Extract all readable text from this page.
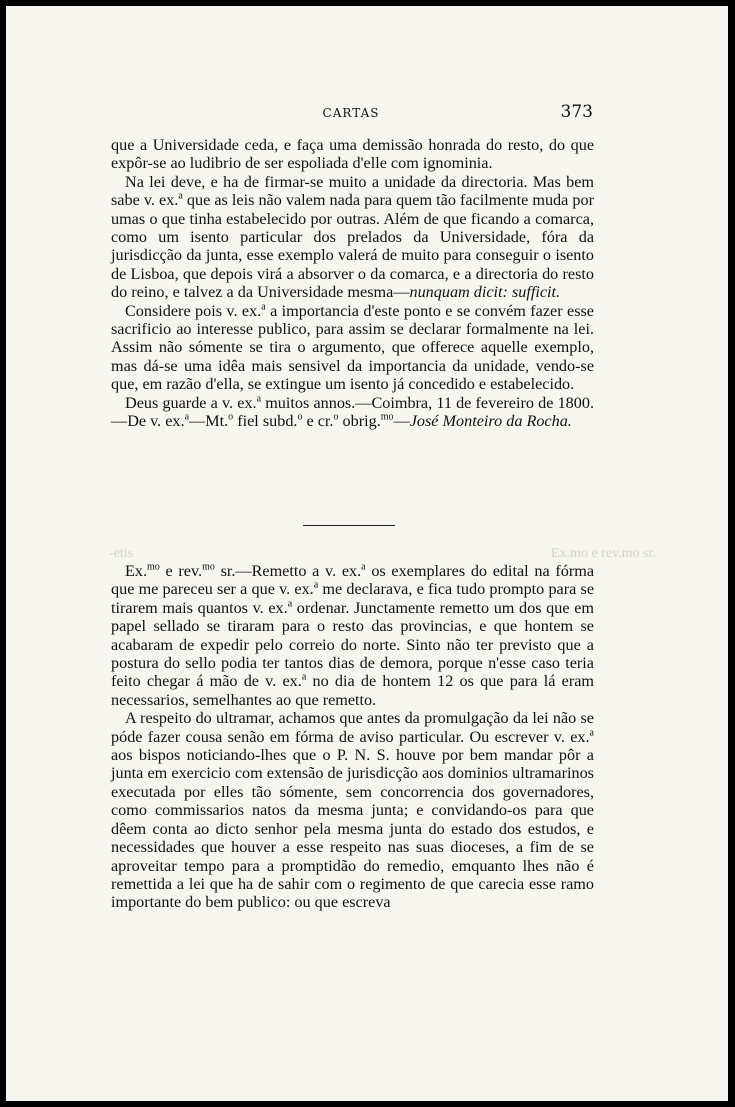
CARTAS	373
-etis	Ex.mo e rev.mo sr.

que a Universidade ceda, e faça uma demissão honrada do resto, do que expôr-se ao ludibrio de ser espoliada d'elle com ignominia.

Na lei deve, e ha de firmar-se muito a unidade da directoria. Mas bem sabe v. ex.$^a$ que as leis não valem nada para quem tão facilmente muda por umas o que tinha estabelecido por outras. Além de que ficando a comarca, como um isento particular dos prelados da Universidade, fóra da jurisdicção da junta, esse exemplo valerá de muito para conseguir o isento de Lisboa, que depois virá a absorver o da comarca, e a directoria do resto do reino, e talvez a da Universidade mesma—nunquam dicit: sufficit.

Considere pois v. ex.$^a$ a importancia d'este ponto e se convém fazer esse sacrificio ao interesse publico, para assim se declarar formalmente na lei. Assim não sómente se tira o argumento, que offerece aquelle exemplo, mas dá-se uma idêa mais sensivel da importancia da unidade, vendo-se que, em razão d'ella, se extingue um isento já concedido e estabelecido.

Deus guarde a v. ex.$^a$ muitos annos.—Coimbra, 11 de fevereiro de 1800.—De v. ex.$^a$—Mt.$^o$ fiel subd.$^o$ e cr.$^o$ obrig.$^{mo}$—José Monteiro da Rocha.

Ex.$^{mo}$ e rev.$^{mo}$ sr.—Remetto a v. ex.$^a$ os exemplares do edital na fórma que me pareceu ser a que v. ex.$^a$ me declarava, e fica tudo prompto para se tirarem mais quantos v. ex.$^a$ ordenar. Junctamente remetto um dos que em papel sellado se tiraram para o resto das provincias, e que hontem se acabaram de expedir pelo correio do norte. Sinto não ter previsto que a postura do sello podia ter tantos dias de demora, porque n'esse caso teria feito chegar á mão de v. ex.$^a$ no dia de hontem 12 os que para lá eram necessarios, semelhantes ao que remetto.

A respeito do ultramar, achamos que antes da promulgação da lei não se póde fazer cousa senão em fórma de aviso particular. Ou escrever v. ex.$^a$ aos bispos noticiando-lhes que o P. N. S. houve por bem mandar pôr a junta em exercicio com extensão de jurisdicção aos dominios ultramarinos executada por elles tão sómente, sem concorrencia dos governadores, como commissarios natos da mesma junta; e convidando-os para que dêem conta ao dicto senhor pela mesma junta do estado dos estudos, e necessidades que houver a esse respeito nas suas dioceses, a fim de se aproveitar tempo para a promptidão do remedio, emquanto lhes não é remettida a lei que ha de sahir com o regimento de que carecia esse ramo importante do bem publico: ou que escreva
